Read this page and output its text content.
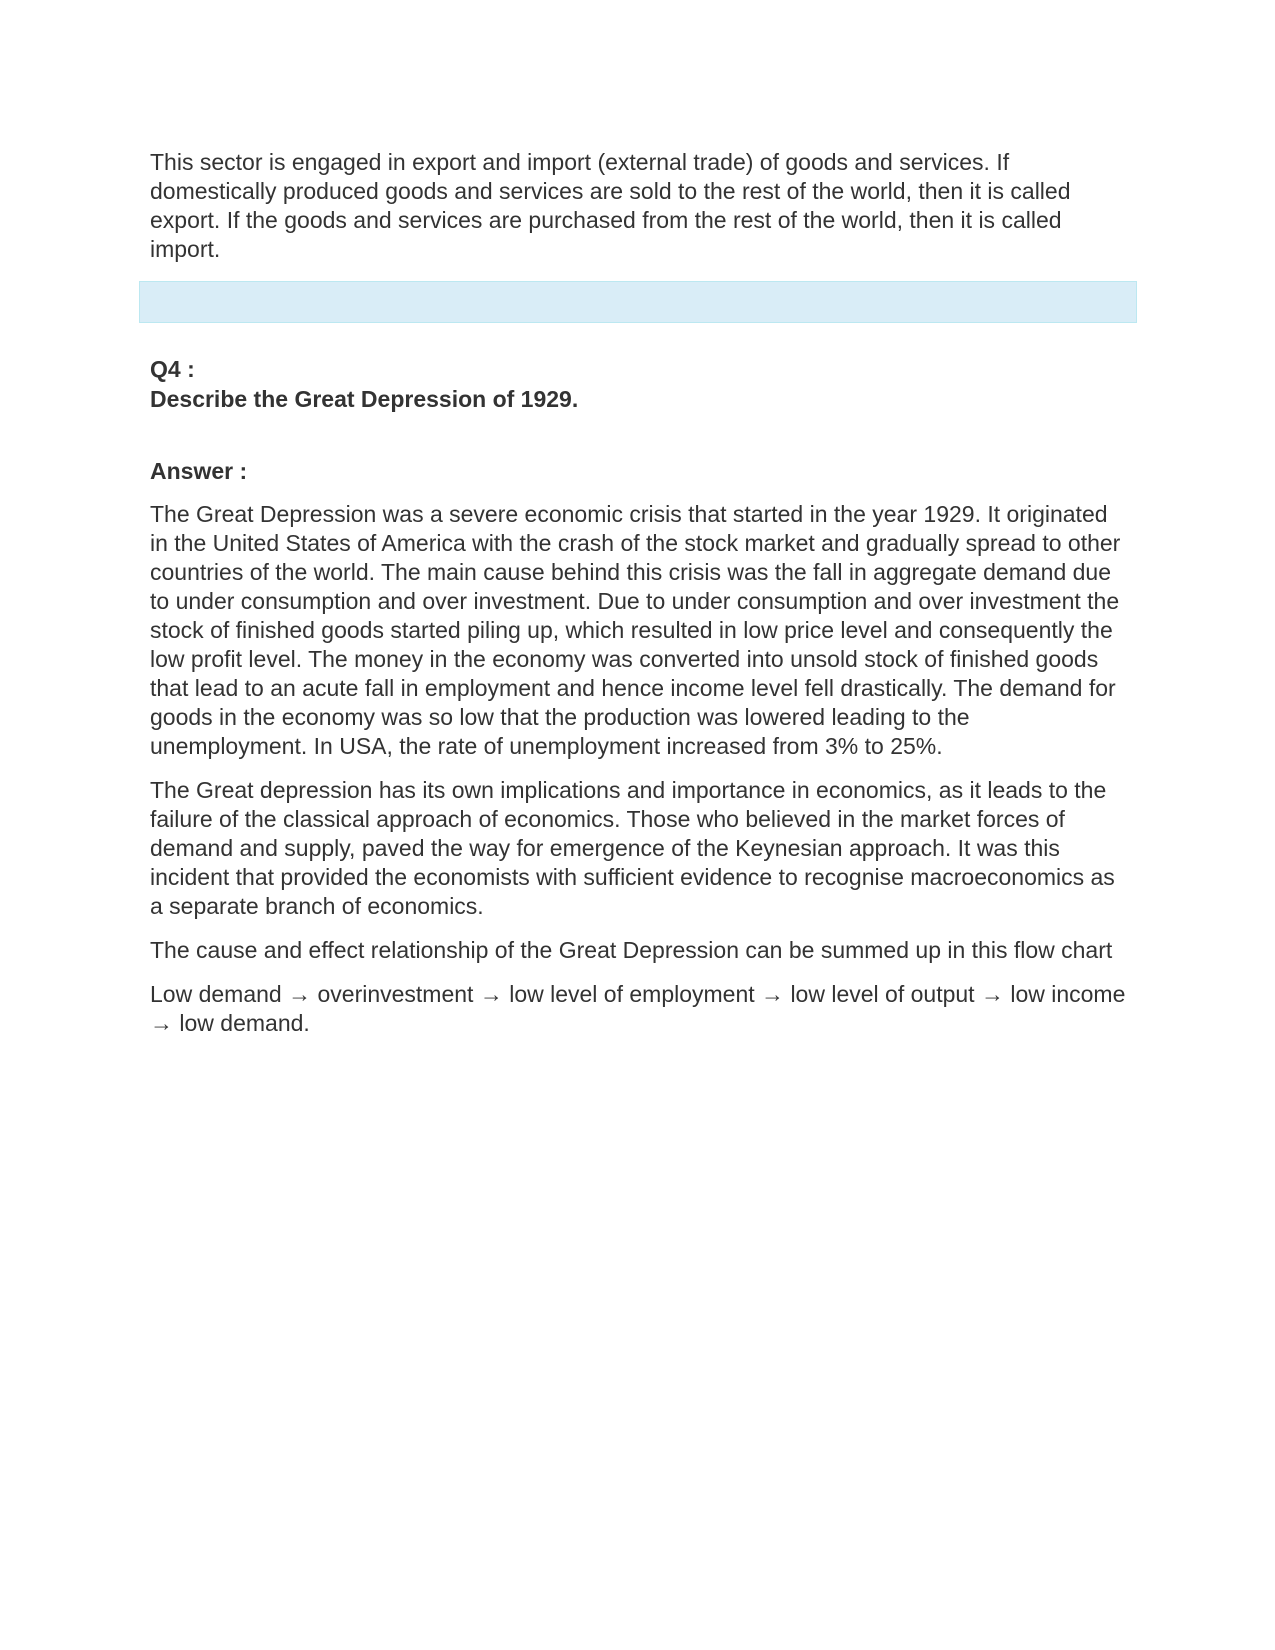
This sector is engaged in export and import (external trade) of goods and services. If domestically produced goods and services are sold to the rest of the world, then it is called export. If the goods and services are purchased from the rest of the world, then it is called import.

Q4 :
Describe the Great Depression of 1929.
Answer :

The Great Depression was a severe economic crisis that started in the year 1929. It originated in the United States of America with the crash of the stock market and gradually spread to other countries of the world. The main cause behind this crisis was the fall in aggregate demand due to under consumption and over investment. Due to under consumption and over investment the stock of finished goods started piling up, which resulted in low price level and consequently the low profit level. The money in the economy was converted into unsold stock of finished goods that lead to an acute fall in employment and hence income level fell drastically. The demand for goods in the economy was so low that the production was lowered leading to the unemployment. In USA, the rate of unemployment increased from 3% to 25%.

The Great depression has its own implications and importance in economics, as it leads to the failure of the classical approach of economics. Those who believed in the market forces of demand and supply, paved the way for emergence of the Keynesian approach. It was this incident that provided the economists with sufficient evidence to recognise macroeconomics as a separate branch of economics.

The cause and effect relationship of the Great Depression can be summed up in this flow chart

Low demand → overinvestment → low level of employment → low level of output → low income → low demand.
